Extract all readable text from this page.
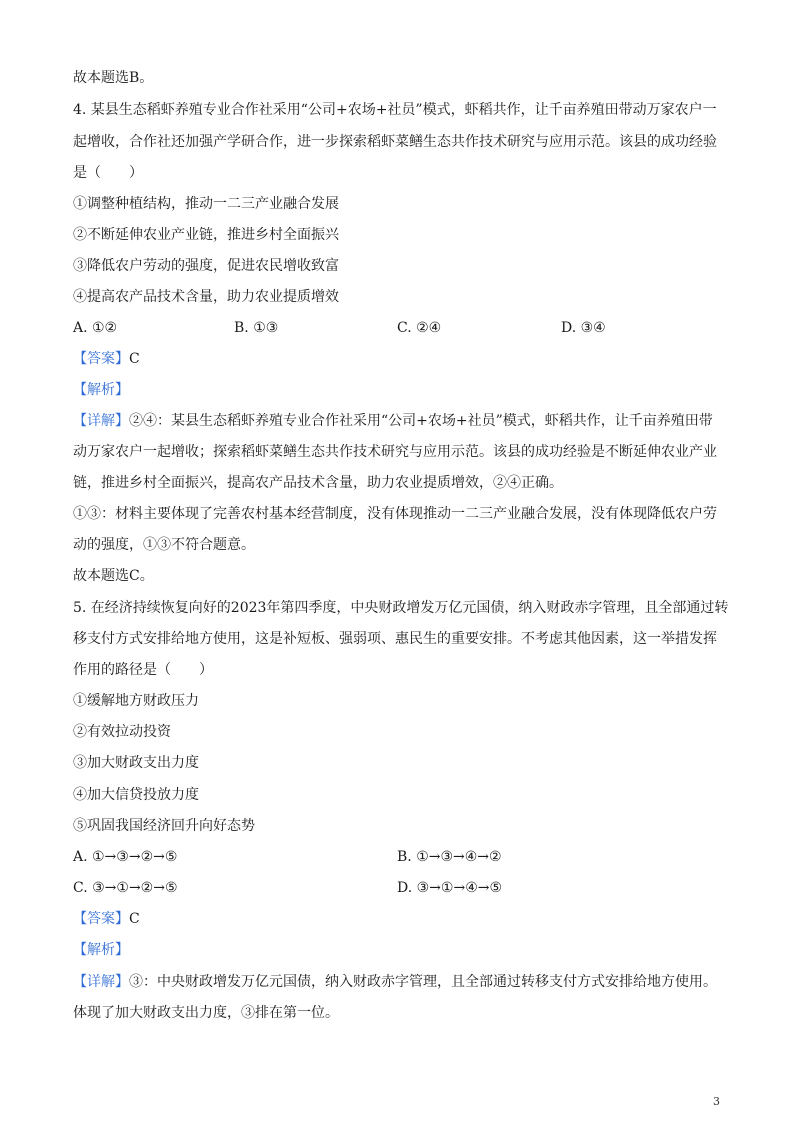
故本题选B。
4. 某县生态稻虾养殖专业合作社采用“公司+农场+社员”模式，虾稻共作，让千亩养殖田带动万家农户一
起增收，合作社还加强产学研合作，进一步探索稻虾菜鳝生态共作技术研究与应用示范。该县的成功经验
是（　　）
①调整种植结构，推动一二三产业融合发展
②不断延伸农业产业链，推进乡村全面振兴
③降低农户劳动的强度，促进农民增收致富
④提高农产品技术含量，助力农业提质增效
A. ①②	B. ①③	C. ②④	D. ③④
【答案】C
【解析】
【详解】②④：某县生态稻虾养殖专业合作社采用“公司+农场+社员”模式，虾稻共作，让千亩养殖田带
动万家农户一起增收；探索稻虾菜鳝生态共作技术研究与应用示范。该县的成功经验是不断延伸农业产业
链，推进乡村全面振兴，提高农产品技术含量，助力农业提质增效，②④正确。
①③：材料主要体现了完善农村基本经营制度，没有体现推动一二三产业融合发展，没有体现降低农户劳
动的强度，①③不符合题意。
故本题选C。
5. 在经济持续恢复向好的2023年第四季度，中央财政增发万亿元国债，纳入财政赤字管理，且全部通过转
移支付方式安排给地方使用，这是补短板、强弱项、惠民生的重要安排。不考虑其他因素，这一举措发挥
作用的路径是（　　）
①缓解地方财政压力
②有效拉动投资
③加大财政支出力度
④加大信贷投放力度
⑤巩固我国经济回升向好态势
A. ①→③→②→⑤	B. ①→③→④→②
C. ③→①→②→⑤	D. ③→①→④→⑤
【答案】C
【解析】
【详解】③：中央财政增发万亿元国债，纳入财政赤字管理，且全部通过转移支付方式安排给地方使用。
体现了加大财政支出力度，③排在第一位。
3
